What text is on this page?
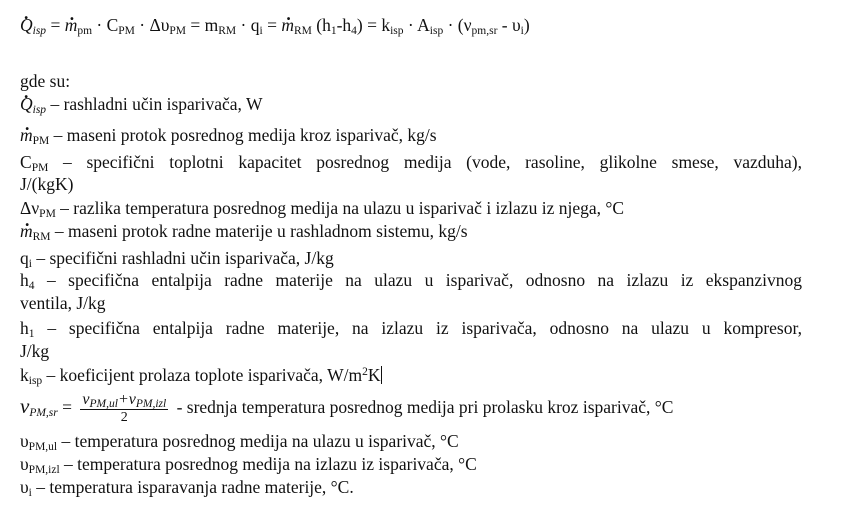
. $Q_{isp}$ = . $m_{pm} \cdot C_{PM} \cdot \Delta\upsilon_{PM} = m_{RM} \cdot q_i$ = . $m_{RM}$ $(h_1-h_4) = k_{isp} \cdot A_{isp} \cdot (\nu_{pm,sr} - \upsilon_i)$
gde su:
. $Q_{isp}$ – rashladni učin isparivača, W
. $m_{PM}$ – maseni protok posrednog medija kroz isparivač, kg/s
$C_{PM}$ – specifični toplotni kapacitet posrednog medija (vode, rasoline, glikolne smese, vazduha),
J/(kgK)
$\Delta\nu_{PM}$ – razlika temperatura posrednog medija na ulazu u isparivač i izlazu iz njega, °C
. $m_{RM}$ – maseni protok radne materije u rashladnom sistemu, kg/s
$q_i$ – specifični rashladni učin isparivača, J/kg
$h_4$ – specifična entalpija radne materije na ulazu u isparivač, odnosno na izlazu iz ekspanzivnog
ventila, J/kg
$h_1$ – specifična entalpija radne materije, na izlazu iz isparivača, odnosno na ulazu u kompresor,
J/kg
$k_{isp}$ – koeficijent prolaza toplote isparivača, $W/m^2K$
$\nu_{PM,sr} = \frac{\nu_{PM,ul}+\nu_{PM,izl}}{2}$ - srednja temperatura posrednog medija pri prolasku kroz isparivač, °C
$\upsilon_{PM,ul}$ – temperatura posrednog medija na ulazu u isparivač, °C
$\upsilon_{PM,izl}$ – temperatura posrednog medija na izlazu iz isparivača, °C
$\upsilon_i$ – temperatura isparavanja radne materije, °C.
